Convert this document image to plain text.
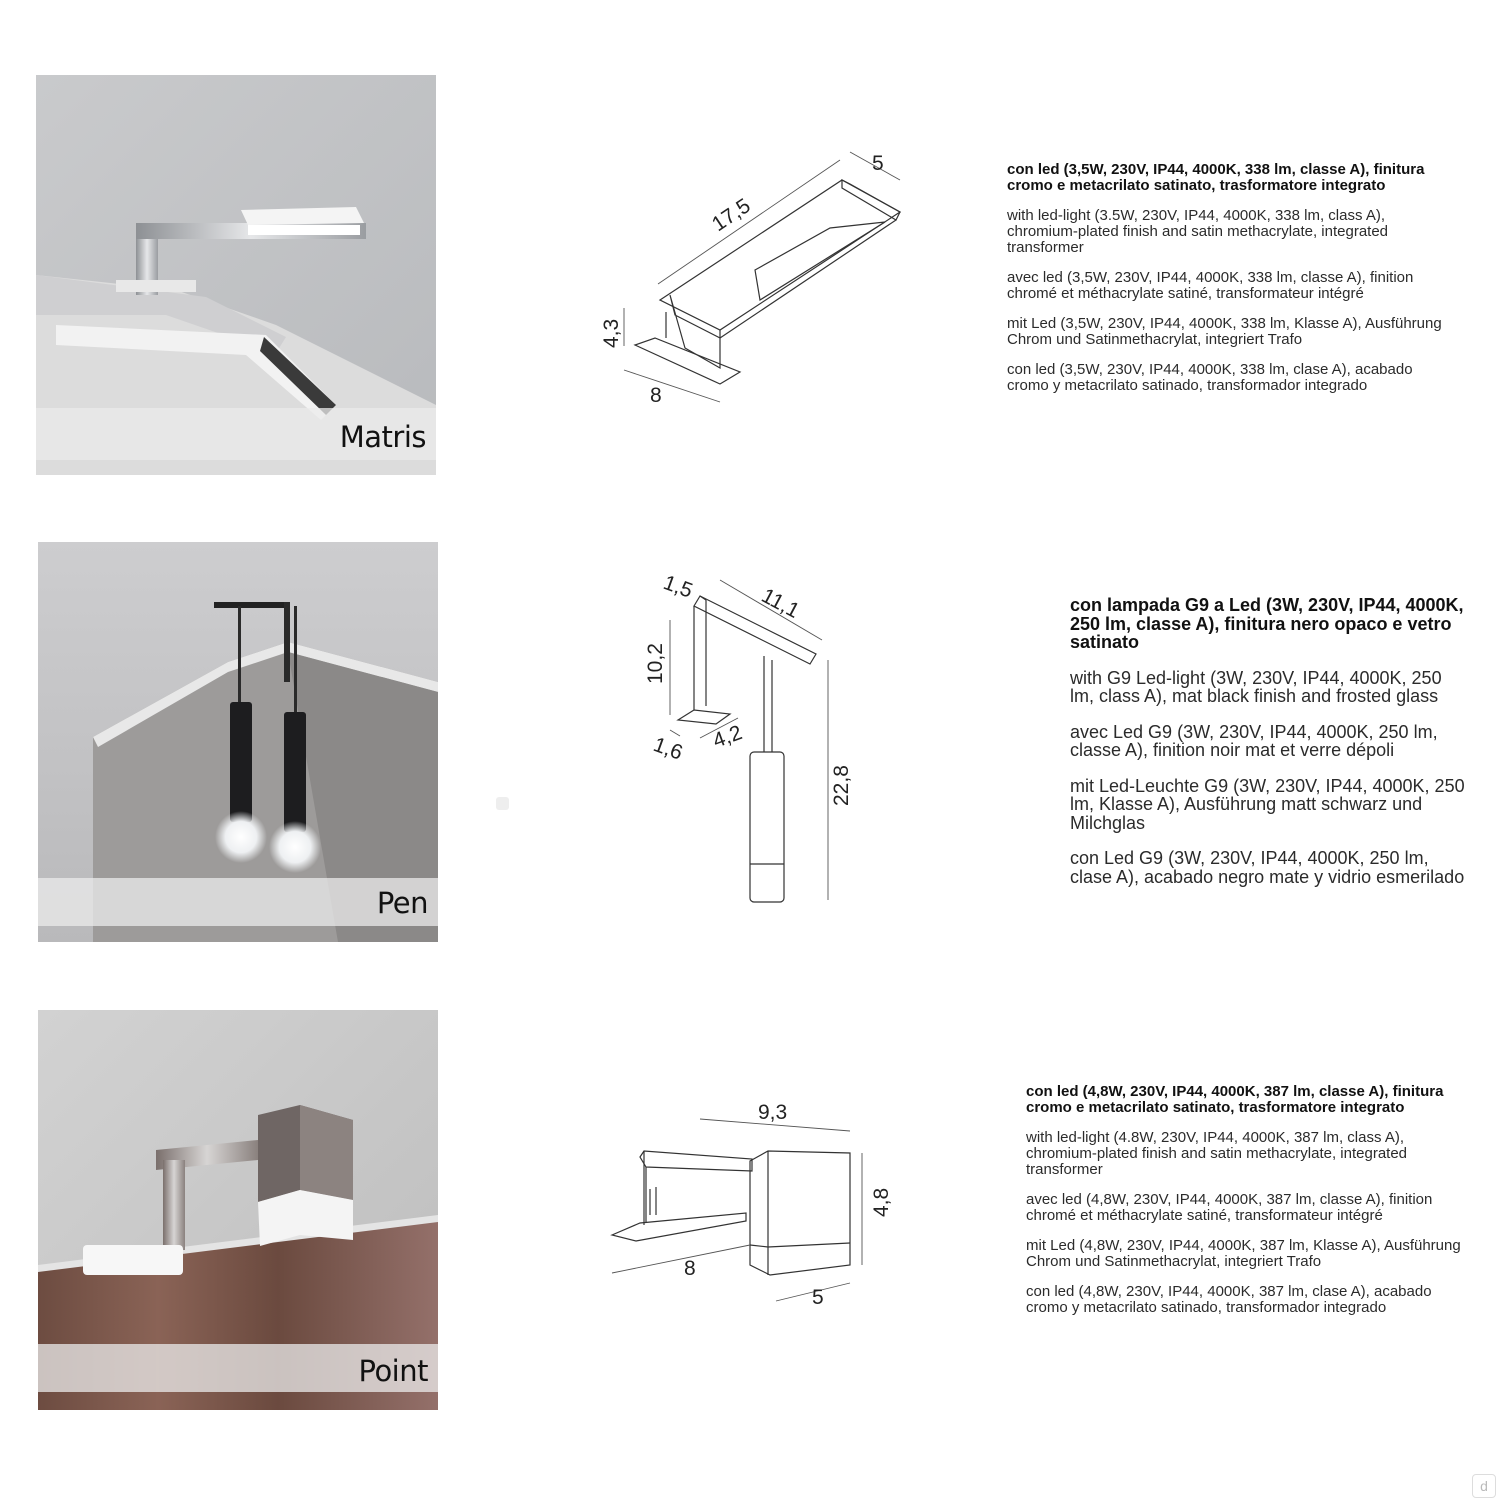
Matris
5
17,5
4,3
8

con led (3,5W, 230V, IP44, 4000K, 338 lm, classe A), finitura cromo e metacrilato satinato, trasformatore integrato

with led-light (3.5W, 230V, IP44, 4000K, 338 lm, class A), chromium-plated finish and satin methacrylate, integrated transformer

avec led (3,5W, 230V, IP44, 4000K, 338 lm, classe A), finition chromé et méthacrylate satiné, transformateur intégré

mit Led (3,5W, 230V, IP44, 4000K, 338 lm, Klasse A), Ausführung Chrom und Satinmethacrylat, integriert Trafo

con led (3,5W, 230V, IP44, 4000K, 338 lm, clase A), acabado cromo y metacrilato satinado, transformador integrado

Pen
1,5	11,1
10,2
1,6 4,2
22,8

con lampada G9 a Led (3W, 230V, IP44, 4000K, 250 lm, classe A), finitura nero opaco e vetro satinato

with G9 Led-light (3W, 230V, IP44, 4000K, 250 lm, class A), mat black finish and frosted glass

avec Led G9 (3W, 230V, IP44, 4000K, 250 lm, classe A), finition noir mat et verre dépoli

mit Led-Leuchte G9 (3W, 230V, IP44, 4000K, 250 lm, Klasse A), Ausführung matt schwarz und Milchglas

con Led G9 (3W, 230V, IP44, 4000K, 250 lm, clase A), acabado negro mate y vidrio esmerilado

Point
9,3
4,8
8
5

con led (4,8W, 230V, IP44, 4000K, 387 lm, classe A), finitura cromo e metacrilato satinato, trasformatore integrato

with led-light (4.8W, 230V, IP44, 4000K, 387 lm, class A), chromium-plated finish and satin methacrylate, integrated transformer

avec led (4,8W, 230V, IP44, 4000K, 387 lm, classe A), finition chromé et méthacrylate satiné, transformateur intégré

mit Led (4,8W, 230V, IP44, 4000K, 387 lm, Klasse A), Ausführung Chrom und Satinmethacrylat, integriert Trafo

con led (4,8W, 230V, IP44, 4000K, 387 lm, clase A), acabado cromo y metacrilato satinado, transformador integrado

d
